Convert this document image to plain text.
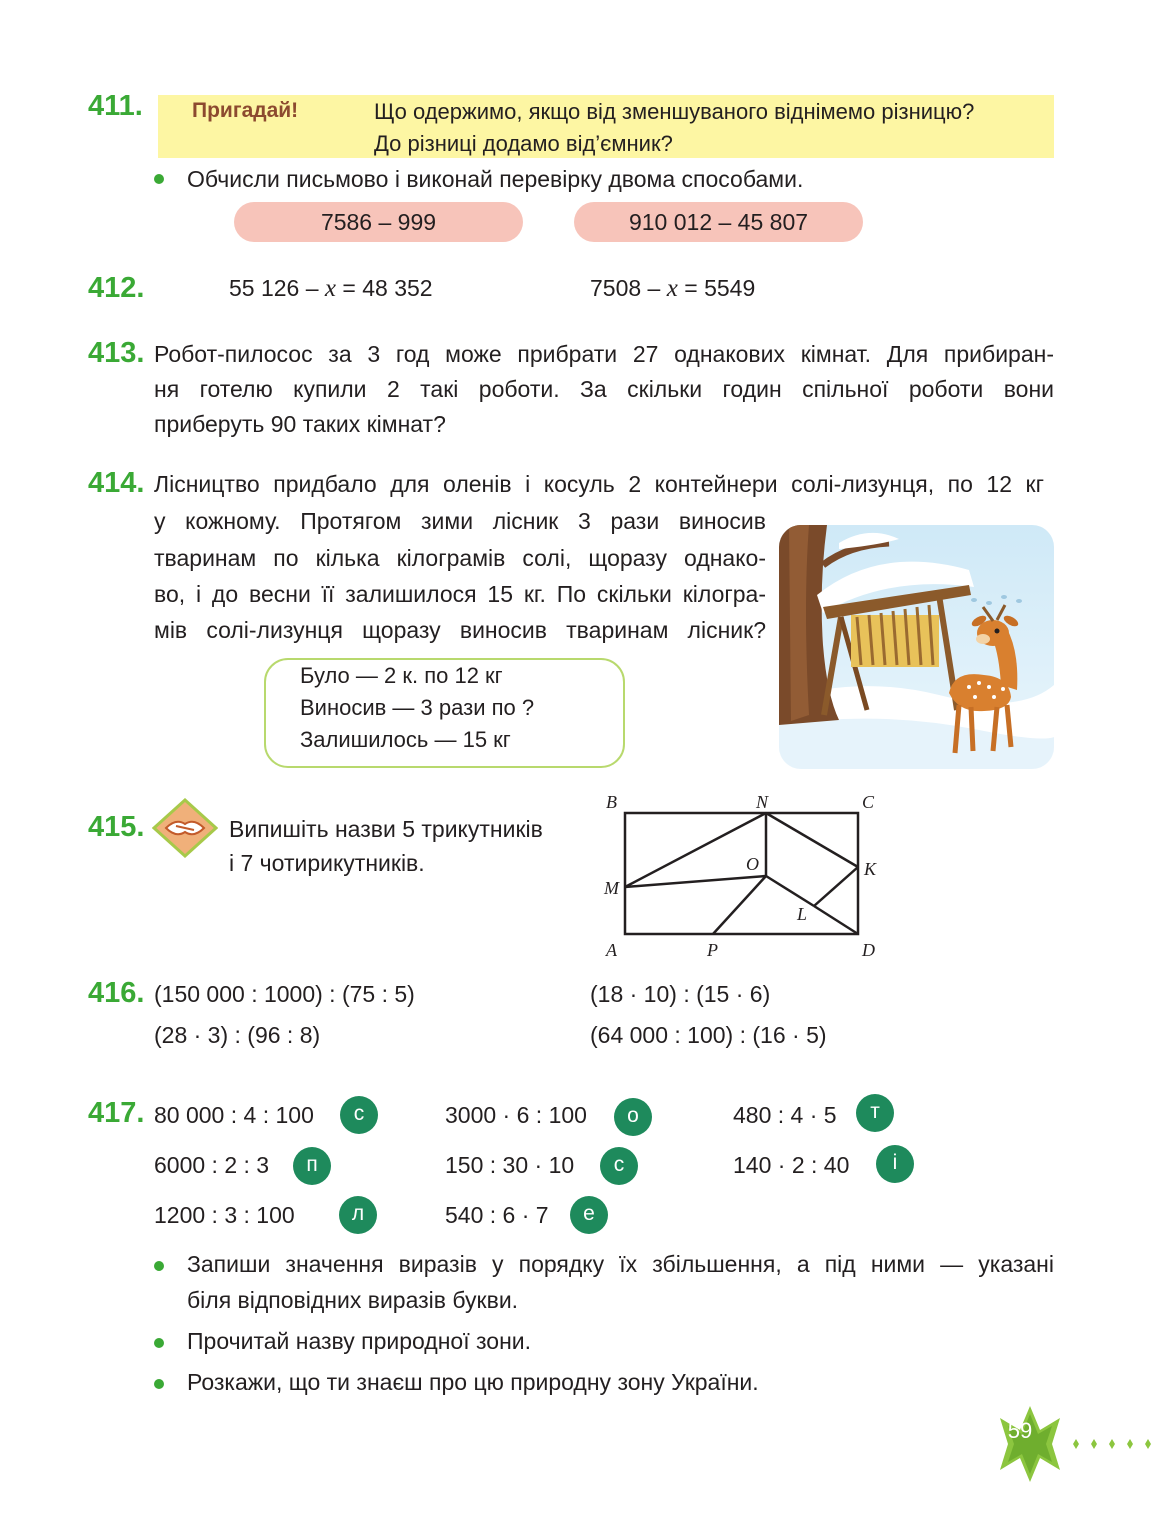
411. Пригадай!	Що одержимо, якщо від зменшуваного віднімемо різницю?
До різниці додамо від’ємник?
Обчисли письмово і виконай перевірку двома способами.
7586 – 999	910 012 – 45 807
412.	55 126 – x = 48 352	7508 – x = 5549
413. Робот-пилосос за 3 год може прибрати 27 однакових кімнат. Для прибиран-
ня готелю купили 2 такі роботи. За скільки годин спільної роботи вони
приберуть 90 таких кімнат?
414. Лісництво придбало для оленів і косуль 2 контейнери солі-лизунця, по 12 кг
у кожному. Протягом зими лісник 3 рази виносив
тваринам по кілька кілограмів солі, щоразу однако-
во, і до весни її залишилося 15 кг. По скільки кілогра-
мів солі-лизунця щоразу виносив тваринам лісник?
Було — 2 к. по 12 кг
Виносив — 3 рази по ?
Залишилось — 15 кг
415.	Випишіть назви 5 трикутників
і 7 чотирикутників.
B	N	C
O	K
M
L
A	P	D
416. (150 000 : 1000) : (75 : 5)	(18 · 10) : (15 · 6)
(28 · 3) : (96 : 8)	(64 000 : 100) : (16 · 5)
417. 80 000 : 4 : 100	с	3000 · 6 : 100	о	480 : 4 · 5	т
6000 : 2 : 3	п	150 : 30 · 10	с	140 · 2 : 40	і
1200 : 3 : 100	л	540 : 6 · 7	е
Запиши значення виразів у порядку їх збільшення, а під ними — указані
біля відповідних виразів букви.
Прочитай назву природної зони.
Розкажи, що ти знаєш про цю природну зону України.
59
